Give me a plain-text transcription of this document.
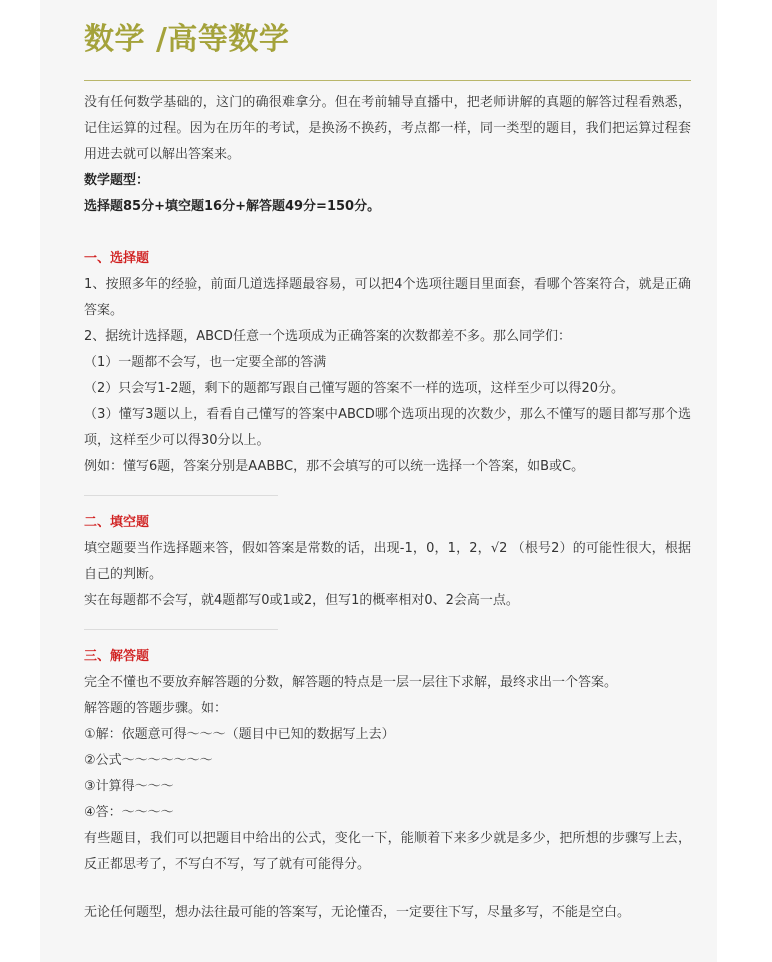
数学 /高等数学

没有任何数学基础的，这门的确很难拿分。但在考前辅导直播中，把老师讲解的真题的解答过程看熟悉，记住运算的过程。因为在历年的考试，是换汤不换药，考点都一样，同一类型的题目，我们把运算过程套用进去就可以解出答案来。

数学题型：

选择题85分+填空题16分+解答题49分=150分。

一、选择题

1、按照多年的经验，前面几道选择题最容易，可以把4个选项往题目里面套，看哪个答案符合，就是正确答案。

2、据统计选择题，ABCD任意一个选项成为正确答案的次数都差不多。那么同学们：

（1）一题都不会写，也一定要全部的答满

（2）只会写1-2题，剩下的题都写跟自己懂写题的答案不一样的选项，这样至少可以得20分。

（3）懂写3题以上，看看自己懂写的答案中ABCD哪个选项出现的次数少，那么不懂写的题目都写那个选项，这样至少可以得30分以上。

例如：懂写6题，答案分别是AABBC，那不会填写的可以统一选择一个答案，如B或C。

二、填空题

填空题要当作选择题来答，假如答案是常数的话，出现-1，0，1，2，√2 （根号2）的可能性很大，根据自己的判断。

实在每题都不会写，就4题都写0或1或2，但写1的概率相对0、2会高一点。

三、解答题

完全不懂也不要放弃解答题的分数，解答题的特点是一层一层往下求解，最终求出一个答案。

解答题的答题步骤。如：

①解：依题意可得～～～（题目中已知的数据写上去）

②公式～～～～～～～

③计算得～～～

④答：～～～～

有些题目，我们可以把题目中给出的公式，变化一下，能顺着下来多少就是多少，把所想的步骤写上去，反正都思考了，不写白不写，写了就有可能得分。

无论任何题型，想办法往最可能的答案写，无论懂否，一定要往下写，尽量多写，不能是空白。
